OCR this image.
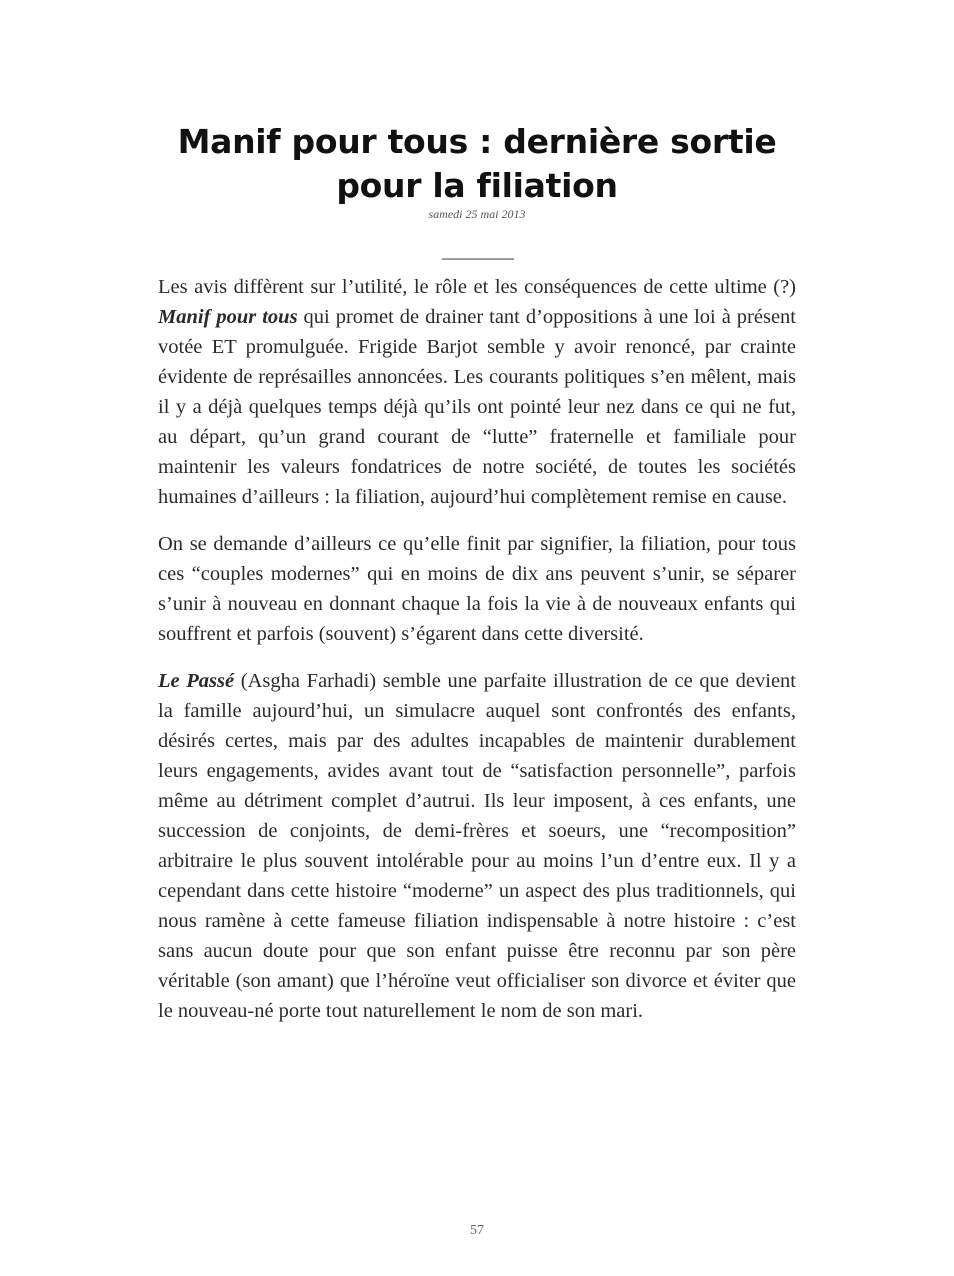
Manif pour tous : dernière sortie pour la filiation
samedi 25 mai 2013
________

Les avis diffèrent sur l’utilité, le rôle et les conséquences de cette ultime (?) Manif pour tous qui promet de drainer tant d’oppositions à une loi à présent votée ET promulguée. Frigide Barjot semble y avoir renoncé, par crainte évidente de représailles annoncées. Les courants politiques s’en mêlent, mais il y a déjà quelques temps déjà qu’ils ont pointé leur nez dans ce qui ne fut, au départ, qu’un grand courant de “lutte” fraternelle et familiale pour maintenir les valeurs fondatrices de notre société, de toutes les sociétés humaines d’ailleurs : la filiation, aujourd’hui complètement remise en cause.

On se demande d’ailleurs ce qu’elle finit par signifier, la filiation, pour tous ces “couples modernes” qui en moins de dix ans peuvent s’unir, se séparer s’unir à nouveau en donnant chaque la fois la vie à de nouveaux enfants qui souffrent et parfois (souvent) s’égarent dans cette diversité.

Le Passé (Asgha Farhadi) semble une parfaite illustration de ce que devient la famille aujourd’hui, un simulacre auquel sont confrontés des enfants, désirés certes, mais par des adultes incapables de maintenir durablement leurs engagements, avides avant tout de “satisfaction personnelle”, parfois même au détriment complet d’autrui. Ils leur imposent, à ces enfants, une succession de conjoints, de demi-frères et soeurs, une “recomposition” arbitraire le plus souvent intolérable pour au moins l’un d’entre eux. Il y a cependant dans cette histoire “moderne” un aspect des plus traditionnels, qui nous ramène à cette fameuse filiation indispensable à notre histoire : c’est sans aucun doute pour que son enfant puisse être reconnu par son père véritable (son amant) que l’héroïne veut officialiser son divorce et éviter que le nouveau-né porte tout naturellement le nom de son mari.

57
